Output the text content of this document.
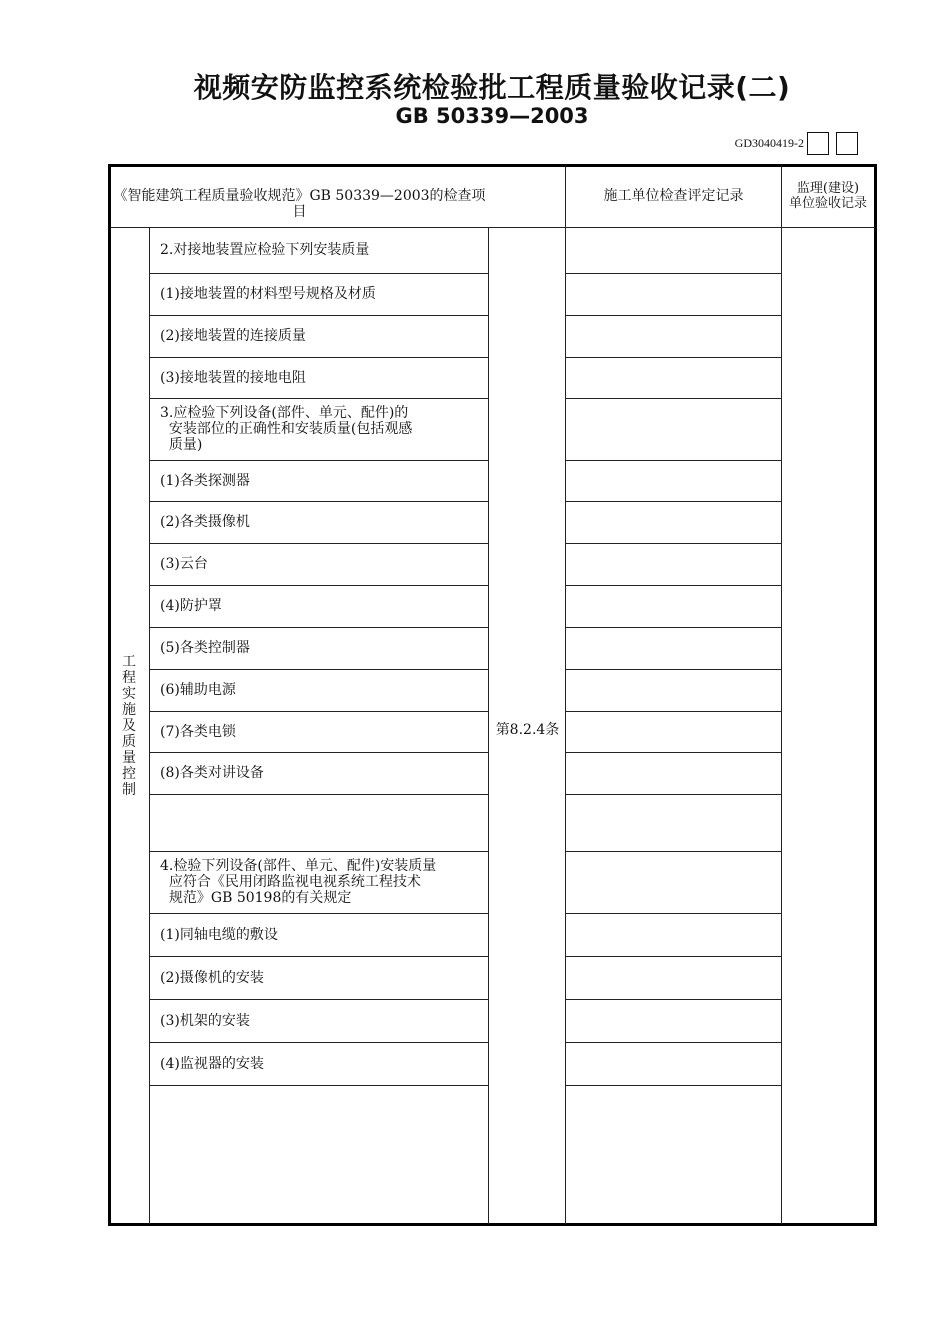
视频安防监控系统检验批工程质量验收记录(二)
GB 50339—2003
GD3040419-2
《智能建筑工程质量验收规范》GB 50339—2003的检查项目
施工单位检查评定记录	监理(建设)
单位验收记录
工程实施及质量控制
第8.2.4条
2.对接地装置应检验下列安装质量
(1)接地装置的材料型号规格及材质
(2)接地装置的连接质量
(3)接地装置的接地电阻
3.应检验下列设备(部件、单元、配件)的
安装部位的正确性和安装质量(包括观感
质量)
(1)各类探测器
(2)各类摄像机
(3)云台
(4)防护罩
(5)各类控制器
(6)辅助电源
(7)各类电锁
(8)各类对讲设备
4.检验下列设备(部件、单元、配件)安装质量
应符合《民用闭路监视电视系统工程技术
规范》GB 50198的有关规定
(1)同轴电缆的敷设
(2)摄像机的安装
(3)机架的安装
(4)监视器的安装
